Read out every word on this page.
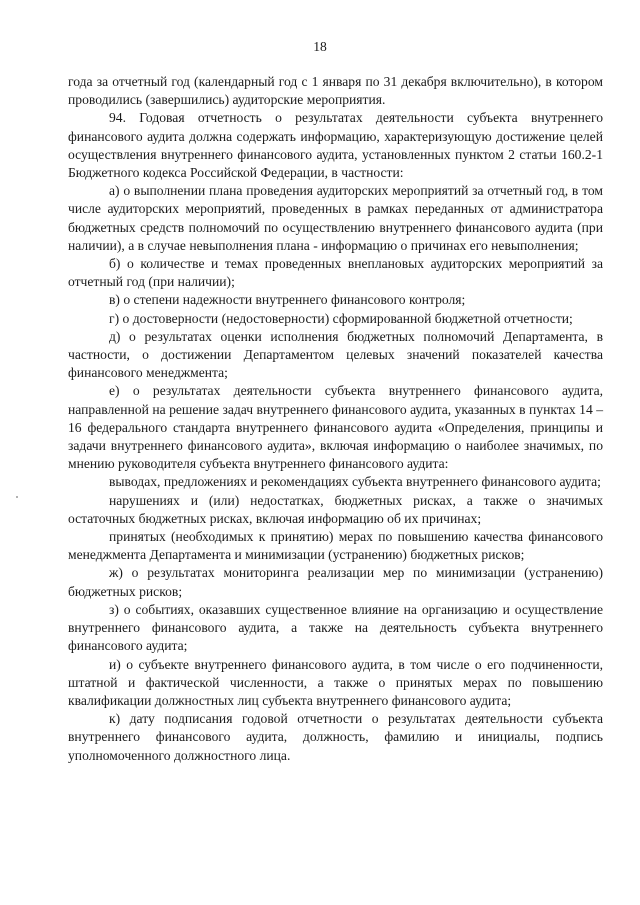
18

года за отчетный год (календарный год с 1 января по 31 декабря включительно), в котором проводились (завершились) аудиторские мероприятия.

94. Годовая отчетность о результатах деятельности субъекта внутреннего финансового аудита должна содержать информацию, характеризующую достижение целей осуществления внутреннего финансового аудита, установленных пунктом 2 статьи 160.2-1 Бюджетного кодекса Российской Федерации, в частности:

а) о выполнении плана проведения аудиторских мероприятий за отчетный год, в том числе аудиторских мероприятий, проведенных в рамках переданных от администратора бюджетных средств полномочий по осуществлению внутреннего финансового аудита (при наличии), а в случае невыполнения плана - информацию о причинах его невыполнения;

б) о количестве и темах проведенных внеплановых аудиторских мероприятий за отчетный год (при наличии);

в) о степени надежности внутреннего финансового контроля;

г) о достоверности (недостоверности) сформированной бюджетной отчетности;

д) о результатах оценки исполнения бюджетных полномочий Департамента, в частности, о достижении Департаментом целевых значений показателей качества финансового менеджмента;

е) о результатах деятельности субъекта внутреннего финансового аудита, направленной на решение задач внутреннего финансового аудита, указанных в пунктах 14 – 16 федерального стандарта внутреннего финансового аудита «Определения, принципы и задачи внутреннего финансового аудита», включая информацию о наиболее значимых, по мнению руководителя субъекта внутреннего финансового аудита:

выводах, предложениях и рекомендациях субъекта внутреннего финансового аудита;

нарушениях и (или) недостатках, бюджетных рисках, а также о значимых остаточных бюджетных рисках, включая информацию об их причинах;

принятых (необходимых к принятию) мерах по повышению качества финансового менеджмента Департамента и минимизации (устранению) бюджетных рисков;

ж) о результатах мониторинга реализации мер по минимизации (устранению) бюджетных рисков;

з) о событиях, оказавших существенное влияние на организацию и осуществление внутреннего финансового аудита, а также на деятельность субъекта внутреннего финансового аудита;

и) о субъекте внутреннего финансового аудита, в том числе о его подчиненности, штатной и фактической численности, а также о принятых мерах по повышению квалификации должностных лиц субъекта внутреннего финансового аудита;

к) дату подписания годовой отчетности о результатах деятельности субъекта внутреннего финансового аудита, должность, фамилию и инициалы, подпись уполномоченного должностного лица.
